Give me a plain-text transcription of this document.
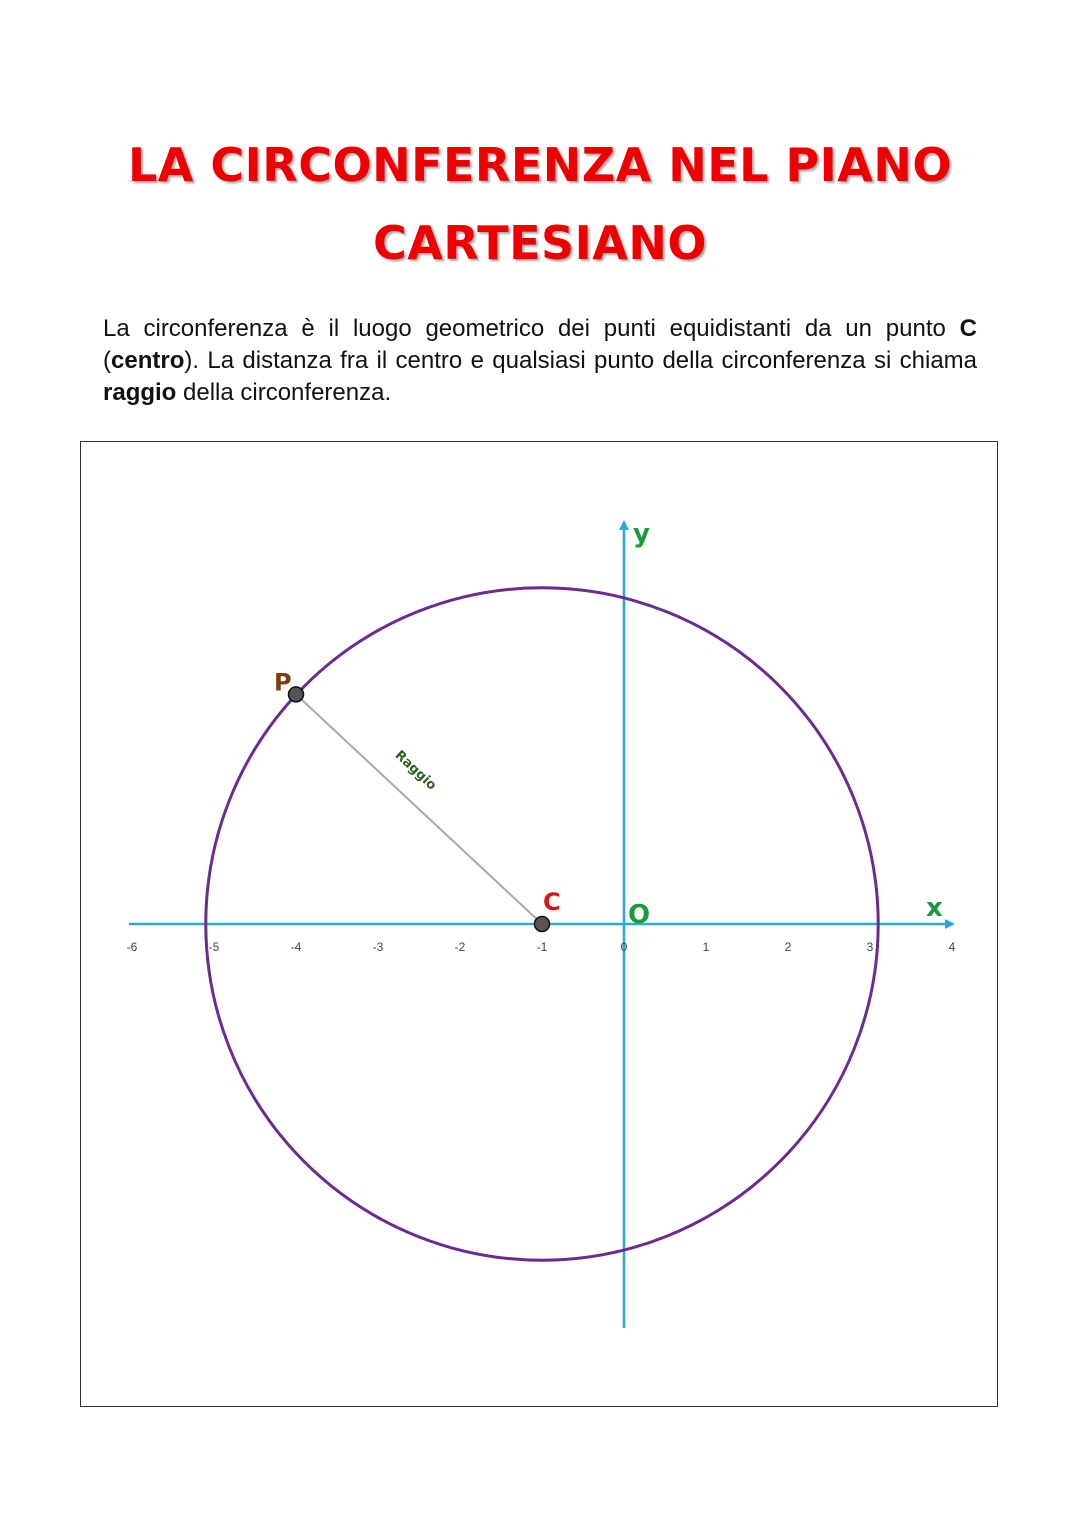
LA CIRCONFERENZA NEL PIANO
CARTESIANO

La circonferenza è il luogo geometrico dei punti equidistanti da un punto C (centro). La distanza fra il centro e qualsiasi punto della circonferenza si chiama raggio della circonferenza.

-6	-5	-4	-3	-2	-1	0	1	2	3	4
Raggio
C
P
O	x
y
